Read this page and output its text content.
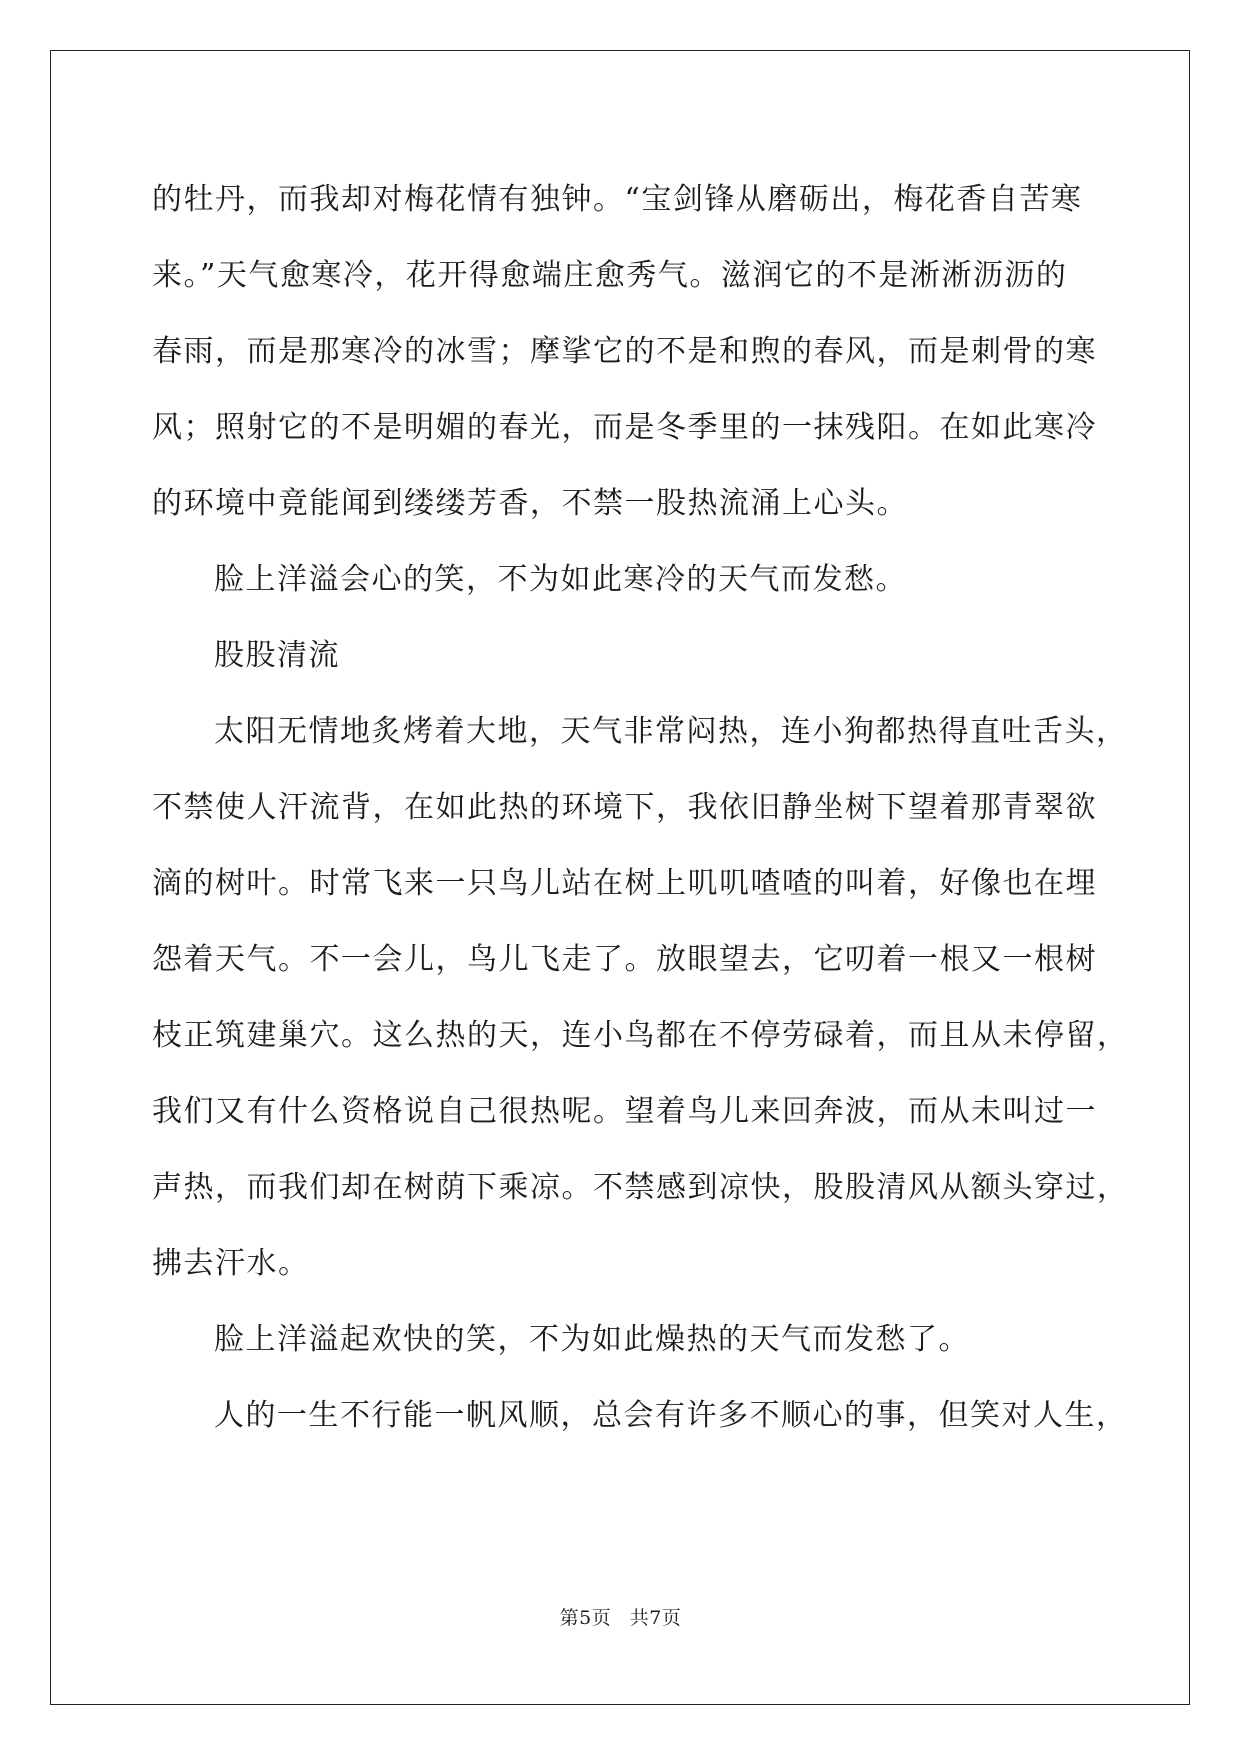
的牡丹，而我却对梅花情有独钟。“宝剑锋从磨砺出，梅花香自苦寒
来。”天气愈寒冷，花开得愈端庄愈秀气。滋润它的不是淅淅沥沥的
春雨，而是那寒冷的冰雪；摩挲它的不是和煦的春风，而是刺骨的寒
风；照射它的不是明媚的春光，而是冬季里的一抹残阳。在如此寒冷
的环境中竟能闻到缕缕芳香，不禁一股热流涌上心头。
脸上洋溢会心的笑，不为如此寒冷的天气而发愁。
股股清流
太阳无情地炙烤着大地，天气非常闷热，连小狗都热得直吐舌头，
不禁使人汗流背，在如此热的环境下，我依旧静坐树下望着那青翠欲
滴的树叶。时常飞来一只鸟儿站在树上叽叽喳喳的叫着，好像也在埋
怨着天气。不一会儿，鸟儿飞走了。放眼望去，它叨着一根又一根树
枝正筑建巢穴。这么热的天，连小鸟都在不停劳碌着，而且从未停留，
我们又有什么资格说自己很热呢。望着鸟儿来回奔波，而从未叫过一
声热，而我们却在树荫下乘凉。不禁感到凉快，股股清风从额头穿过，
拂去汗水。
脸上洋溢起欢快的笑，不为如此燥热的天气而发愁了。
人的一生不行能一帆风顺，总会有许多不顺心的事，但笑对人生，
第5页 共7页
